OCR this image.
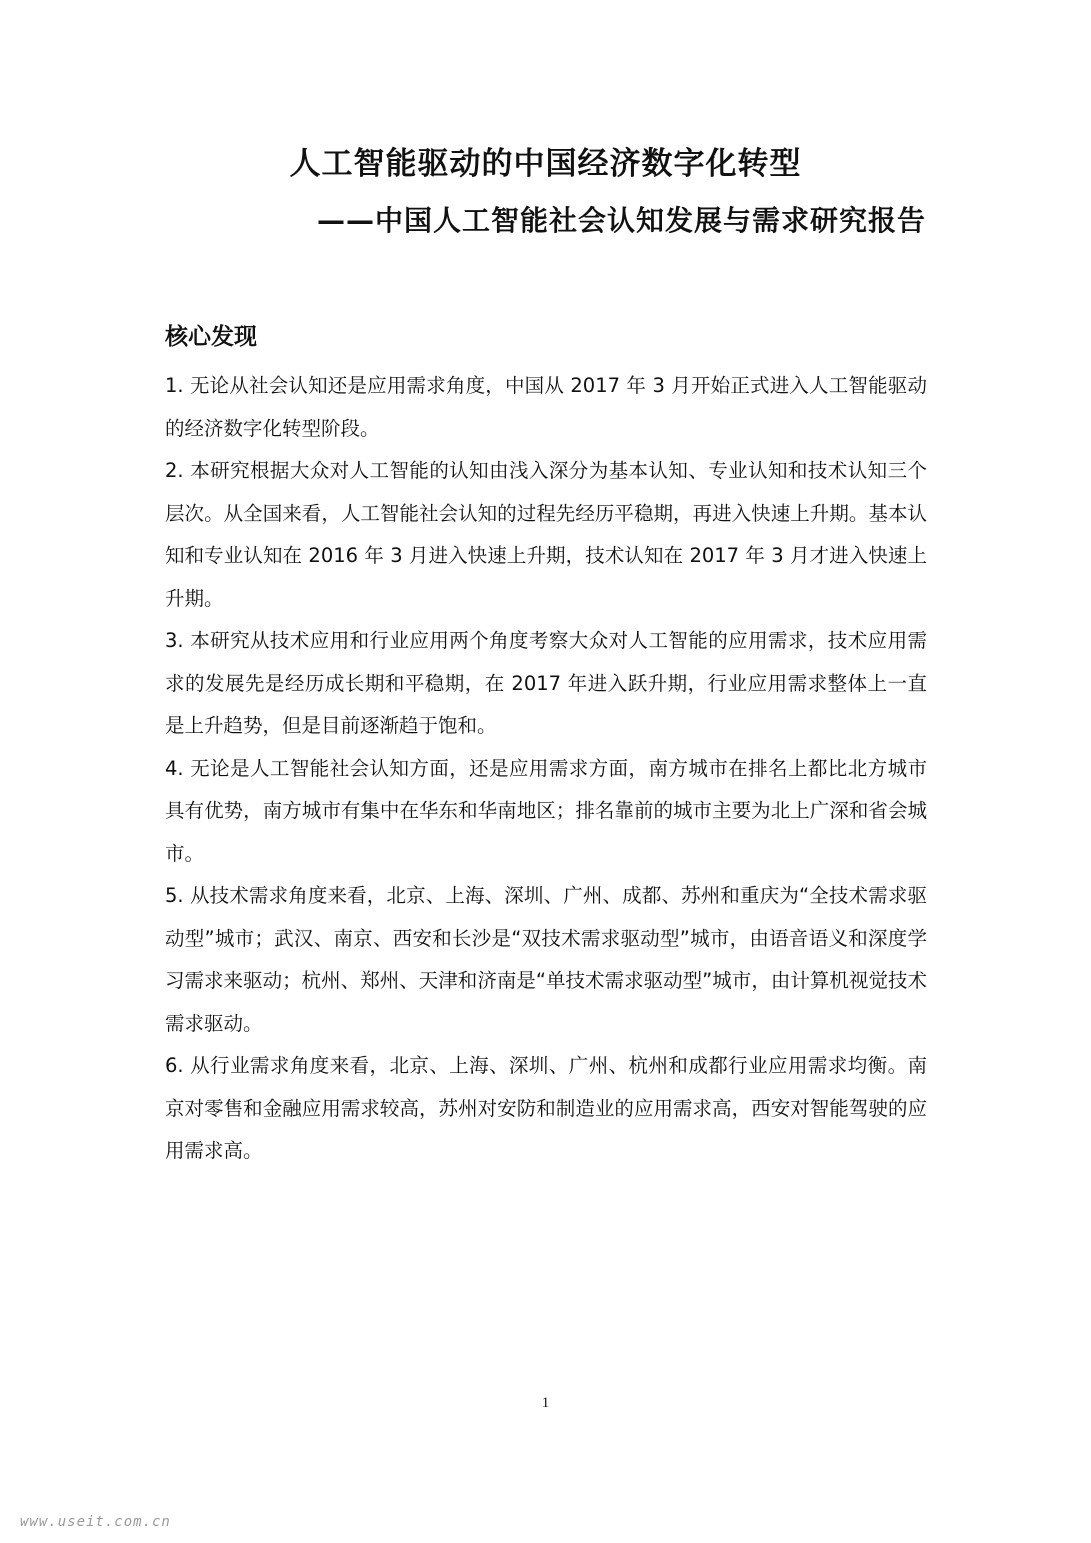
人工智能驱动的中国经济数字化转型
——中国人工智能社会认知发展与需求研究报告
核心发现

1. 无论从社会认知还是应用需求角度，中国从 2017 年 3 月开始正式进入人工智能驱动的经济数字化转型阶段。

2. 本研究根据大众对人工智能的认知由浅入深分为基本认知、专业认知和技术认知三个层次。从全国来看，人工智能社会认知的过程先经历平稳期，再进入快速上升期。基本认知和专业认知在 2016 年 3 月进入快速上升期，技术认知在 2017 年 3 月才进入快速上升期。

3. 本研究从技术应用和行业应用两个角度考察大众对人工智能的应用需求，技术应用需求的发展先是经历成长期和平稳期，在 2017 年进入跃升期，行业应用需求整体上一直是上升趋势，但是目前逐渐趋于饱和。

4. 无论是人工智能社会认知方面，还是应用需求方面，南方城市在排名上都比北方城市具有优势，南方城市有集中在华东和华南地区；排名靠前的城市主要为北上广深和省会城市。

5. 从技术需求角度来看，北京、上海、深圳、广州、成都、苏州和重庆为“全技术需求驱动型”城市；武汉、南京、西安和长沙是“双技术需求驱动型”城市，由语音语义和深度学习需求来驱动；杭州、郑州、天津和济南是“单技术需求驱动型”城市，由计算机视觉技术需求驱动。

6. 从行业需求角度来看，北京、上海、深圳、广州、杭州和成都行业应用需求均衡。南京对零售和金融应用需求较高，苏州对安防和制造业的应用需求高，西安对智能驾驶的应用需求高。

1
www.useit.com.cn
